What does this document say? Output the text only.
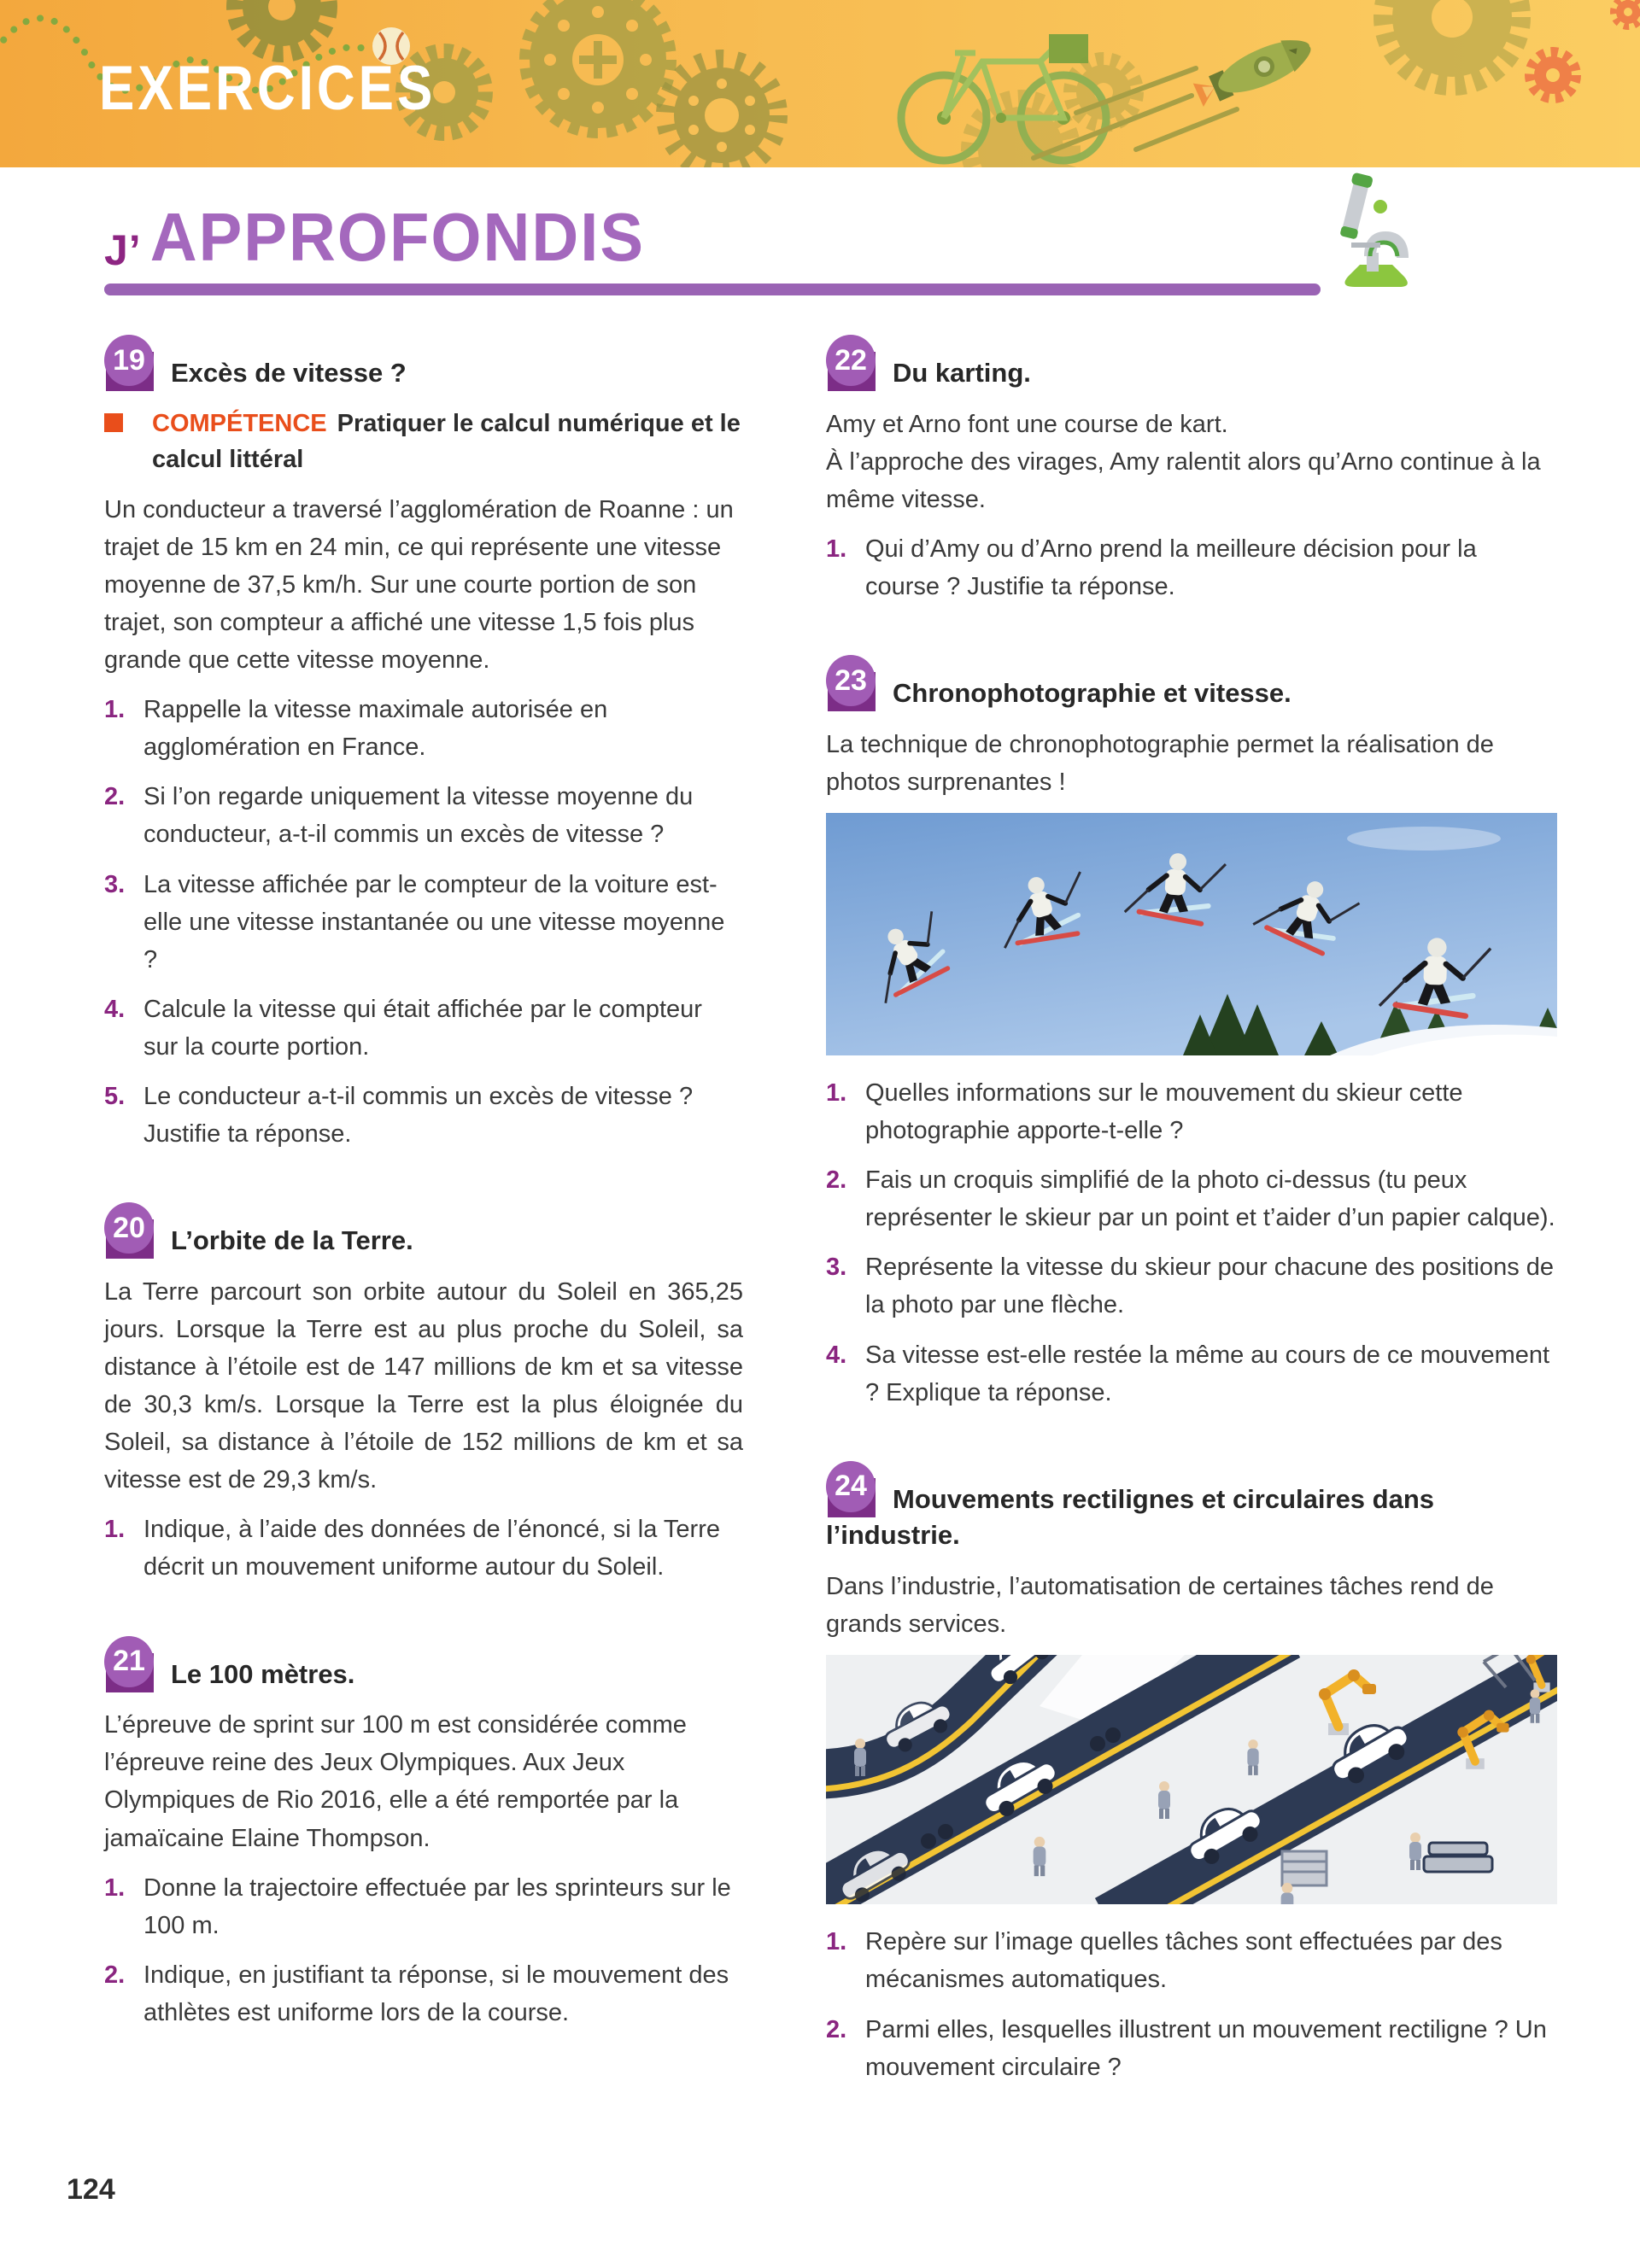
EXERCICES
J’ APPROFONDIS
19 Excès de vitesse ?

COMPÉTENCE Pratiquer le calcul numérique et le calcul littéral

Un conducteur a traversé l’agglomération de Roanne : un trajet de 15 km en 24 min, ce qui représente une vitesse moyenne de 37,5 km/h. Sur une courte portion de son trajet, son compteur a affiché une vitesse 1,5 fois plus grande que cette vitesse moyenne.

1. Rappelle la vitesse maximale autorisée en agglomération en France.
2. Si l’on regarde uniquement la vitesse moyenne du conducteur, a-t-il commis un excès de vitesse ?
3. La vitesse affichée par le compteur de la voiture est-elle une vitesse instantanée ou une vitesse moyenne ?
4. Calcule la vitesse qui était affichée par le compteur sur la courte portion.
5. Le conducteur a-t-il commis un excès de vitesse ? Justifie ta réponse.
20 L’orbite de la Terre.

La Terre parcourt son orbite autour du Soleil en 365,25 jours. Lorsque la Terre est au plus proche du Soleil, sa distance à l’étoile est de 147 millions de km et sa vitesse de 30,3 km/s. Lorsque la Terre est la plus éloignée du Soleil, sa distance à l’étoile de 152 millions de km et sa vitesse est de 29,3 km/s.

1. Indique, à l’aide des données de l’énoncé, si la Terre décrit un mouvement uniforme autour du Soleil.
21 Le 100 mètres.

L’épreuve de sprint sur 100 m est considérée comme l’épreuve reine des Jeux Olympiques. Aux Jeux Olympiques de Rio 2016, elle a été remportée par la jamaïcaine Elaine Thompson.

1. Donne la trajectoire effectuée par les sprinteurs sur le 100 m.
2. Indique, en justifiant ta réponse, si le mouvement des athlètes est uniforme lors de la course.
22 Du karting.

Amy et Arno font une course de kart.

À l’approche des virages, Amy ralentit alors qu’Arno continue à la même vitesse.

1. Qui d’Amy ou d’Arno prend la meilleure décision pour la course ? Justifie ta réponse.
23 Chronophotographie et vitesse.

La technique de chronophotographie permet la réalisation de photos surprenantes !

1. Quelles informations sur le mouvement du skieur cette photographie apporte-t-elle ?
2. Fais un croquis simplifié de la photo ci-dessus (tu peux représenter le skieur par un point et t’aider d’un papier calque).
3. Représente la vitesse du skieur pour chacune des positions de la photo par une flèche.
4. Sa vitesse est-elle restée la même au cours de ce mouvement ? Explique ta réponse.
24 Mouvements rectilignes et circulaires dans l’industrie.

Dans l’industrie, l’automatisation de certaines tâches rend de grands services.

1. Repère sur l’image quelles tâches sont effectuées par des mécanismes automatiques.
2. Parmi elles, lesquelles illustrent un mouvement rectiligne ? Un mouvement circulaire ?
124
